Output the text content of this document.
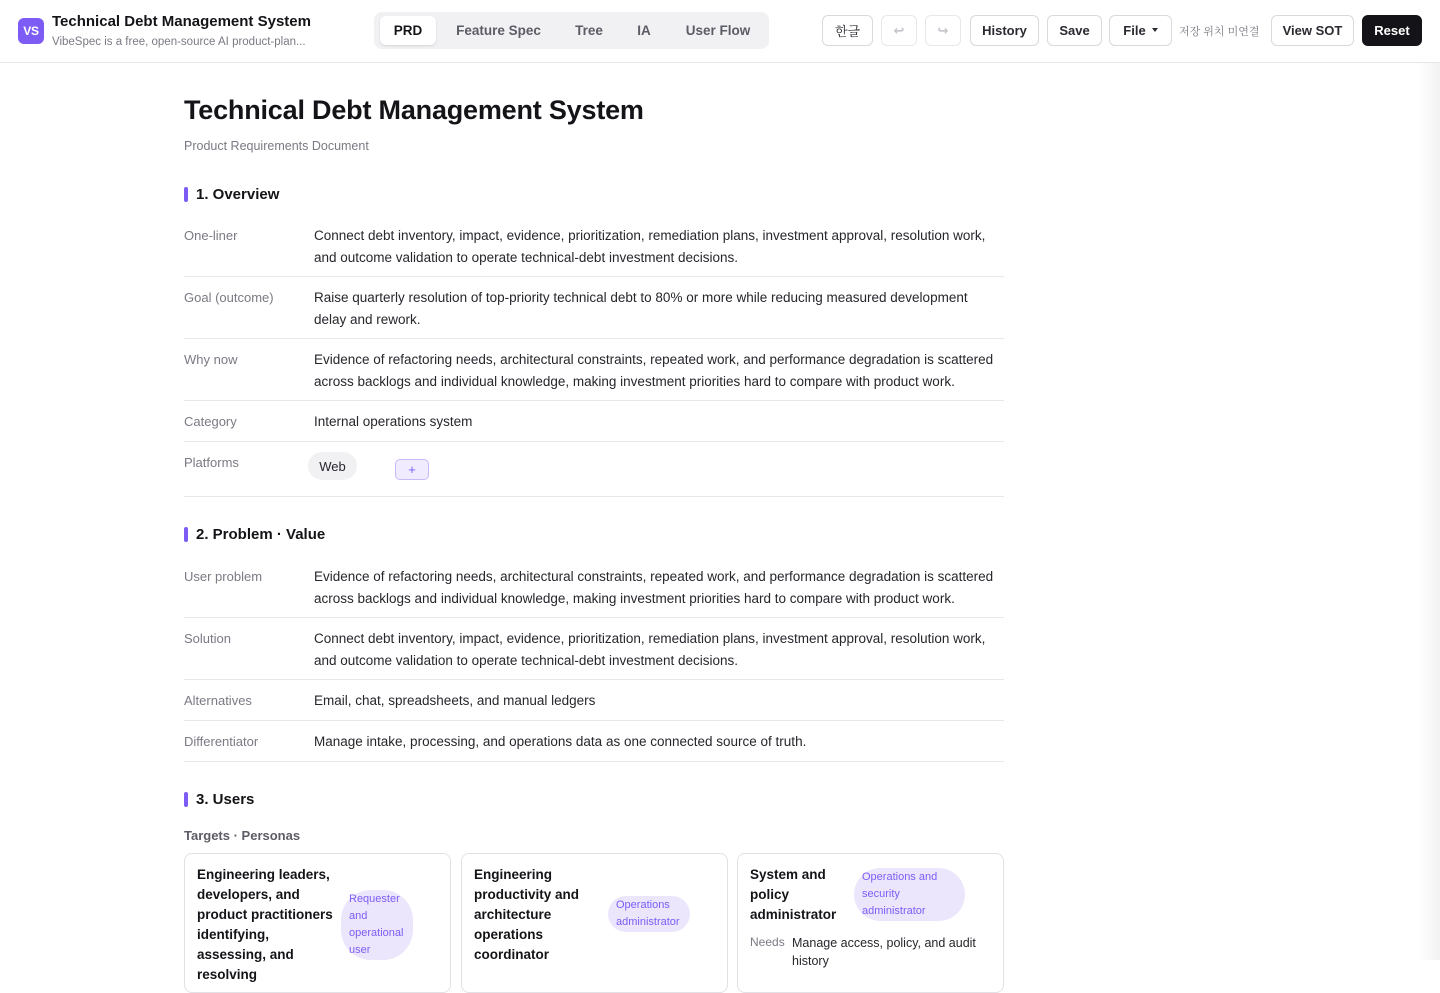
VS
Technical Debt Management System
VibeSpec is a free, open-source AI product-plan...
PRD	Feature Spec	Tree	IA	User Flow	한글	↩	↪	History	Save	File	저장 위치 미연결	View SOT	Reset
Technical Debt Management System
Product Requirements Document
1. Overview
One-liner	Connect debt inventory, impact, evidence, prioritization, remediation plans, investment approval, resolution work, and outcome validation to operate technical-debt investment decisions.
Goal (outcome)	Raise quarterly resolution of top-priority technical debt to 80% or more while reducing measured development delay and rework.
Why now	Evidence of refactoring needs, architectural constraints, repeated work, and performance degradation is scattered across backlogs and individual knowledge, making investment priorities hard to compare with product work.
Category	Internal operations system
Platforms	Web	+
2. Problem · Value
User problem	Evidence of refactoring needs, architectural constraints, repeated work, and performance degradation is scattered across backlogs and individual knowledge, making investment priorities hard to compare with product work.
Solution	Connect debt inventory, impact, evidence, prioritization, remediation plans, investment approval, resolution work, and outcome validation to operate technical-debt investment decisions.
Alternatives	Email, chat, spreadsheets, and manual ledgers
Differentiator	Manage intake, processing, and operations data as one connected source of truth.
3. Users
Targets · Personas
Engineering leaders, developers, and product practitioners identifying, assessing, and resolving
Requester and operational user
Engineering productivity and architecture operations coordinator
Operations administrator
System and policy administrator
Operations and security administrator
Needs Manage access, policy, and audit history
